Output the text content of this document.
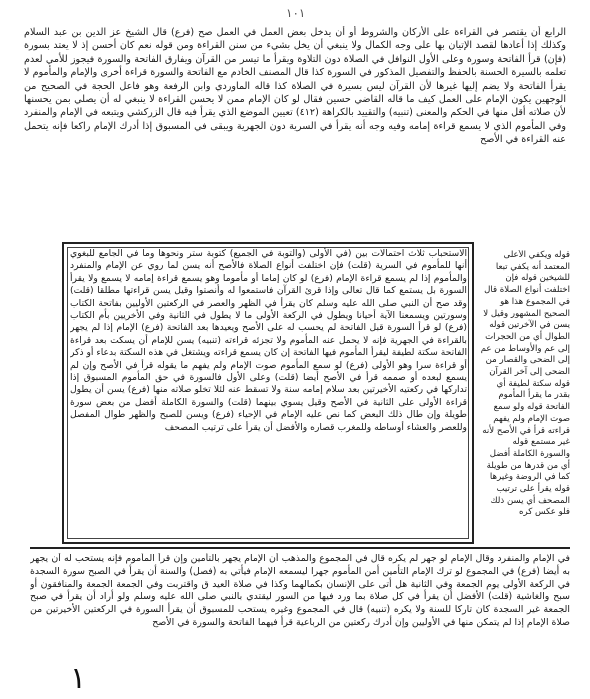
١٠١
الرابع أن يقتصر في القراءة على الأركان والشروط أو أن يدخل بعض العمل في العمل صح (فرع) قال الشيخ عز الدين بن عبد السلام وكذلك إذا أعادها لقصد الإتيان بها على وجه الكمال ولا ينبغي أن يخل بشيء من سنن القراءة ومن قوله نعم كان أحسن إذ لا يعتد بسورة (فإن) قرأ الفاتحة وسورة وعلى الأول النوافل في الصلاة دون التلاوة ويقرأ ما تيسر من القرآن ويفارق الفاتحة والسورة فيجوز للأمي لعدم تعلمه بالسيرة الحسنة بالحفظ والتفصيل المذكور في السورة كذا قال المصنف الخادم مع الفاتحة والسورة قراءة أخرى والإمام والمأموم لا يقرأ الفاتحة ولا يضم إليها غيرها لأن القرآن ليس بسيرة في الصلاة كذا قاله الماوردي وابن الرفعة وهو فاعل الحجة في الصحيح من الوجهين يكون الإمام على العمل كيف ما قاله القاضي حسين فقال لو كان الإمام ممن لا يحسن القراءة لا ينبغي له أن يصلي بمن يحسنها لأن صلاته أقل منها في الحكم والمعنى (تنبيه) والتقييد بالكراهة (٤١٢) تعيين الموضع الذي يقرأ فيه قال الزركشي ويتبعه في الإمام والمنفرد وفي المأموم الذي لا يسمع قراءة إمامه وفيه وجه أنه يقرأ في السرية دون الجهرية ويبقى في المسبوق إذا أدرك الإمام راكعا فإنه يتحمل عنه القراءة في الأصح
الاستحباب ثلاث احتمالات بين (في الأولى (والتوبة في الجميع) كتوبة ستر ونحوها وما في الجامع للبغوي أنها للمأموم في السرية (قلت) فإن اختلفت أنواع الصلاة فالأصح أنه يسن لما روي عن الإمام والمنفرد والمأموم إذا لم يسمع قراءة الإمام (فرع) لو كان إماما أو مأموما وهو يسمع قراءة إمامه لا يسمع ولا يقرأ السورة بل يستمع كما قال تعالى وإذا قرئ القرآن فاستمعوا له وأنصتوا وقيل يسن قراءتها مطلقا (قلت) وقد صح أن النبي صلى الله عليه وسلم كان يقرأ في الظهر والعصر في الركعتين الأوليين بفاتحة الكتاب وسورتين ويسمعنا الآية أحيانا ويطول في الركعة الأولى ما لا يطول في الثانية وفي الأخريين بأم الكتاب (فرع) لو قرأ السورة قبل الفاتحة لم يحسب له على الأصح ويعيدها بعد الفاتحة (فرع) الإمام إذا لم يجهر بالقراءة في الجهرية فإنه لا يحمل عنه المأموم ولا تجزئه قراءته (تنبيه) يسن للإمام أن يسكت بعد قراءة الفاتحة سكتة لطيفة ليقرأ المأموم فيها الفاتحة إن كان يسمع قراءته ويشتغل في هذه السكتة بدعاء أو ذكر أو قراءة سرا وهو الأولى (فرع) لو سمع المأموم صوت الإمام ولم يفهم ما يقوله قرأ في الأصح وإن لم يسمع لبعده أو صممه قرأ في الأصح أيضا (قلت) وعلى الأول فالسورة في حق المأموم المسبوق إذا تداركها في ركعتيه الأخيرتين بعد سلام إمامه سنة ولا تسقط عنه لئلا تخلو صلاته منها (فرع) يسن أن يطول قراءة الأولى على الثانية في الأصح وقيل يسوي بينهما (قلت) والسورة الكاملة أفضل من بعض سورة طويلة وإن طال ذلك البعض كما نص عليه الإمام في الإحياء (فرع) ويسن للصبح والظهر طوال المفصل وللعصر والعشاء أوساطه وللمغرب قصاره والأفضل أن يقرأ على ترتيب المصحف
قوله ويكفي الأعلى المعتمد أنه يكفي تبعا للشيخين قوله فإن اختلفت أنواع الصلاة قال في المجموع هذا هو الصحيح المشهور وقيل لا يسن في الآخرتين قوله الطوال أي من الحجرات إلى عم والأوساط من عم إلى الضحى والقصار من الضحى إلى آخر القرآن قوله سكتة لطيفة أي بقدر ما يقرأ المأموم الفاتحة قوله ولو سمع صوت الإمام ولم يفهم قراءته قرأ في الأصح لأنه غير مستمع قوله والسورة الكاملة أفضل أي من قدرها من طويلة كما في الروضة وغيرها قوله يقرأ على ترتيب المصحف أي يسن ذلك فلو عكس كره
في الإمام والمنفرد وقال الإمام لو جهر لم يكره قال في المجموع والمذهب أن الإمام يجهر بالتأمين وإن قرأ المأموم فإنه يستحب له أن يجهر به أيضا (فرع) في المجموع لو ترك الإمام التأمين أمن المأموم جهرا ليسمعه الإمام فيأتي به (فصل) والسنة أن يقرأ في الصبح سورة السجدة في الركعة الأولى يوم الجمعة وفي الثانية هل أتى على الإنسان بكمالهما وكذا في صلاة العيد ق واقتربت وفي الجمعة الجمعة والمنافقون أو سبح والغاشية (قلت) الأفضل أن يقرأ في كل صلاة بما ورد فيها من السور ليقتدي بالنبي صلى الله عليه وسلم ولو أراد أن يقرأ في صبح الجمعة غير السجدة كان تاركا للسنة ولا يكره (تنبيه) قال في المجموع وغيره يستحب للمسبوق أن يقرأ السورة في الركعتين الأخيرتين من صلاة الإمام إذا لم يتمكن منها في الأوليين وإن أدرك ركعتين من الرباعية قرأ فيهما الفاتحة والسورة في الأصح
١
